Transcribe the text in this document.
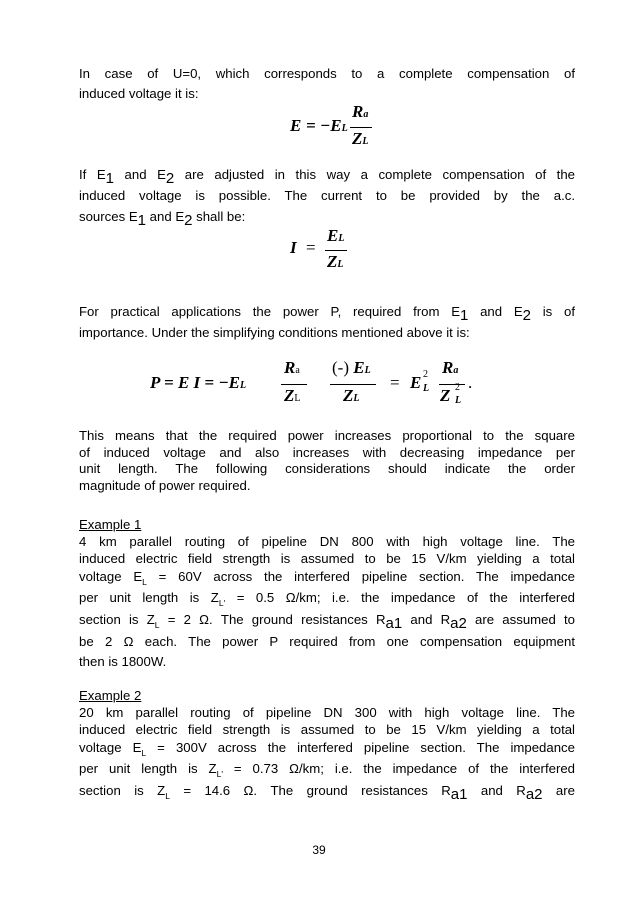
In case of U=0, which corresponds to a complete compensation of
induced voltage it is:
E = −EL
Ra
ZL
If E1 and E2 are adjusted in this way a complete compensation of the
induced voltage is possible. The current to be provided by the a.c.
sources E1 and E2 shall be:
I =
EL
ZL
For practical applications the power P, required from E1 and E2 is of
importance. Under the simplifying conditions mentioned above it is:
P = E I = −EL
Ra
ZL
(-) EL
ZL
= E 2
L
Ra
Z 2
L
.
This means that the required power increases proportional to the square
of induced voltage and also increases with decreasing impedance per
unit length. The following considerations should indicate the order
magnitude of power required.
Example 1
4 km parallel routing of pipeline DN 800 with high voltage line. The
induced electric field strength is assumed to be 15 V/km yielding a total
voltage $E_L = 60V$ across the interfered pipeline section. The impedance
per unit length is $Z_{L'} = 0.5$ Ω/km; i.e. the impedance of the interfered
section is $Z_L = 2$ Ω. The ground resistances Ra1 and Ra2 are assumed to
be 2 Ω each. The power P required from one compensation equipment
then is 1800W.
Example 2
20 km parallel routing of pipeline DN 300 with high voltage line. The
induced electric field strength is assumed to be 15 V/km yielding a total
voltage $E_L = 300V$ across the interfered pipeline section. The impedance
per unit length is $Z_{L'} = 0.73$ Ω/km; i.e. the impedance of the interfered
section is $Z_L = 14.6$ Ω. The ground resistances Ra1 and Ra2 are
39
